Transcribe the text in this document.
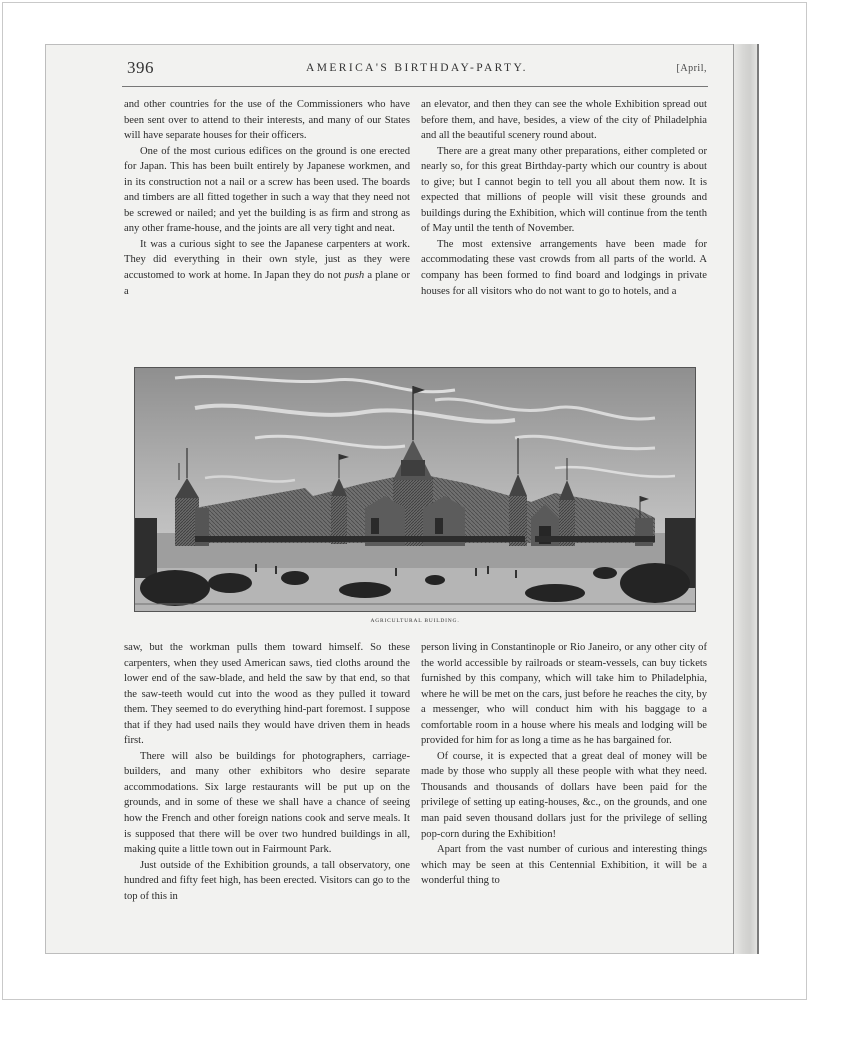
396	AMERICA'S BIRTHDAY-PARTY.	[April,

and other countries for the use of the Commissioners who have been sent over to attend to their interests, and many of our States will have separate houses for their officers.

One of the most curious edifices on the ground is one erected for Japan. This has been built entirely by Japanese workmen, and in its construction not a nail or a screw has been used. The boards and timbers are all fitted together in such a way that they need not be screwed or nailed; and yet the building is as firm and strong as any other frame-house, and the joints are all very tight and neat.

It was a curious sight to see the Japanese carpenters at work. They did everything in their own style, just as they were accustomed to work at home. In Japan they do not push a plane or a

an elevator, and then they can see the whole Exhibition spread out before them, and have, besides, a view of the city of Philadelphia and all the beautiful scenery round about.

There are a great many other preparations, either completed or nearly so, for this great Birthday-party which our country is about to give; but I cannot begin to tell you all about them now. It is expected that millions of people will visit these grounds and buildings during the Exhibition, which will continue from the tenth of May until the tenth of November.

The most extensive arrangements have been made for accommodating these vast crowds from all parts of the world. A company has been formed to find board and lodgings in private houses for all visitors who do not want to go to hotels, and a

AGRICULTURAL BUILDING.

saw, but the workman pulls them toward himself. So these carpenters, when they used American saws, tied cloths around the lower end of the saw-blade, and held the saw by that end, so that the saw-teeth would cut into the wood as they pulled it toward them. They seemed to do everything hind-part foremost. I suppose that if they had used nails they would have driven them in heads first.

There will also be buildings for photographers, carriage-builders, and many other exhibitors who desire separate accommodations. Six large restaurants will be put up on the grounds, and in some of these we shall have a chance of seeing how the French and other foreign nations cook and serve meals. It is supposed that there will be over two hundred buildings in all, making quite a little town out in Fairmount Park.

Just outside of the Exhibition grounds, a tall observatory, one hundred and fifty feet high, has been erected. Visitors can go to the top of this in

person living in Constantinople or Rio Janeiro, or any other city of the world accessible by railroads or steam-vessels, can buy tickets furnished by this company, which will take him to Philadelphia, where he will be met on the cars, just before he reaches the city, by a messenger, who will conduct him with his baggage to a comfortable room in a house where his meals and lodging will be provided for him for as long a time as he has bargained for.

Of course, it is expected that a great deal of money will be made by those who supply all these people with what they need. Thousands and thousands of dollars have been paid for the privilege of setting up eating-houses, &c., on the grounds, and one man paid seven thousand dollars just for the privilege of selling pop-corn during the Exhibition!

Apart from the vast number of curious and interesting things which may be seen at this Centennial Exhibition, it will be a wonderful thing to
